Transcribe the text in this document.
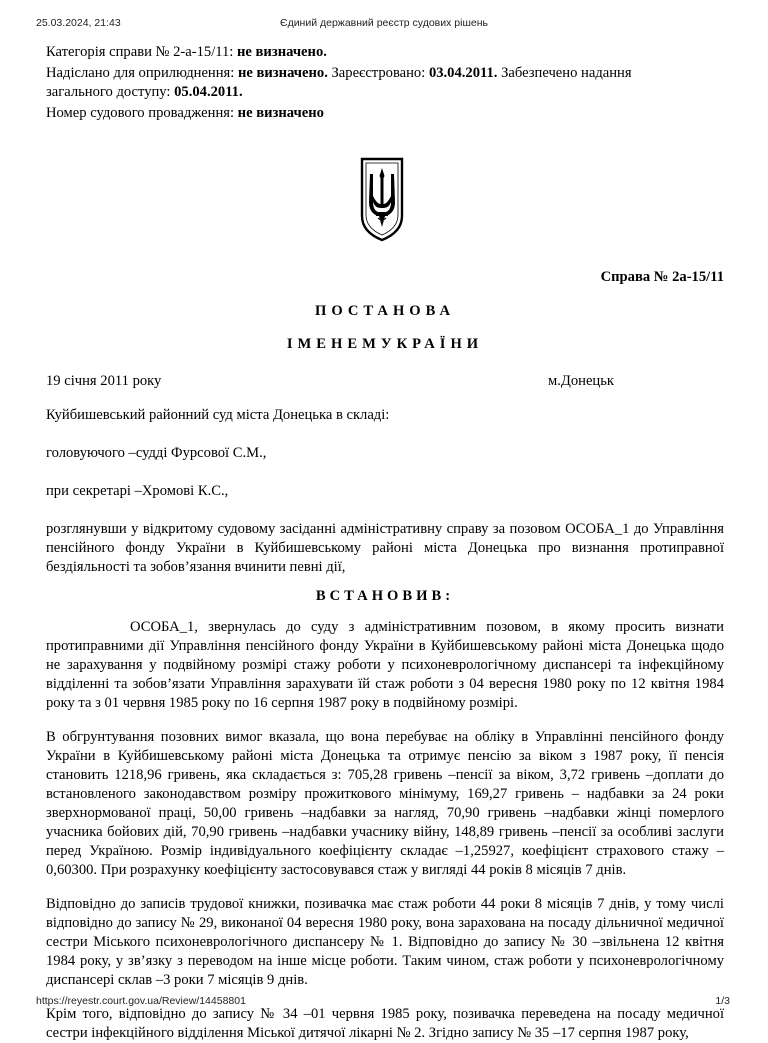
25.03.2024, 21:43	Єдиний державний реєстр судових рішень

Категорія справи № 2-а-15/11: не визначено.

Надіслано для оприлюднення: не визначено. Зареєстровано: 03.04.2011. Забезпечено надання
загального доступу: 05.04.2011.

Номер судового провадження: не визначено

Справа № 2а-15/11

ПОСТАНОВА

ІМЕНЕМУКРАЇНИ

19 січня 2011 року	м.Донецьк

Куйбишевський районний суд міста Донецька в складі:

головуючого –судді Фурсової С.М.,

при секретарі –Хромові К.С.,

розглянувши у відкритому судовому засіданні адміністративну справу за позовом ОСОБА_1 до Управління пенсійного фонду України в Куйбишевському районі міста Донецька про визнання протиправної бездіяльності та зобов’язання вчинити певні дії,

ВСТАНОВИВ:

ОСОБА_1, звернулась до суду з адміністративним позовом, в якому просить визнати протиправними дії Управління пенсійного фонду України в Куйбишевському районі міста Донецька щодо не зарахування у подвійному розмірі стажу роботи у психоневрологічному диспансері та інфекційному відділенні та зобов’язати Управління зарахувати їй стаж роботи з 04 вересня 1980 року по 12 квітня 1984 року та з 01 червня 1985 року по 16 серпня 1987 року в подвійному розмірі.

В обгрунтування позовних вимог вказала, що вона перебуває на обліку в Управлінні пенсійного фонду України в Куйбишевському районі міста Донецька та отримує пенсію за віком з 1987 року, її пенсія становить 1218,96 гривень, яка складається з: 705,28 гривень –пенсії за віком, 3,72 гривень –доплати до встановленого законодавством розміру прожиткового мінімуму, 169,27 гривень – надбавки за 24 роки зверхнормованої праці, 50,00 гривень –надбавки за нагляд, 70,90 гривень –надбавки жінці померлого учасника бойових дій, 70,90 гривень –надбавки учаснику війну, 148,89 гривень –пенсії за особливі заслуги перед Україною. Розмір індивідуального коефіцієнту складає –1,25927, коефіцієнт страхового стажу –0,60300. При розрахунку коефіцієнту застосовувався стаж у вигляді 44 років 8 місяців 7 днів.

Відповідно до записів трудової книжки, позивачка має стаж роботи 44 роки 8 місяців 7 днів, у тому числі відповідно до запису № 29, виконаної 04 вересня 1980 року, вона зарахована на посаду дільничної медичної сестри Міського психоневрологічного диспансеру № 1. Відповідно до запису № 30 –звільнена 12 квітня 1984 року, у зв’язку з переводом на інше місце роботи. Таким чином, стаж роботи у психоневрологічному диспансері склав –3 роки 7 місяців 9 днів.

Крім того, відповідно до запису № 34 –01 червня 1985 року, позивачка переведена на посаду медичної сестри інфекційного відділення Міської дитячої лікарні № 2. Згідно запису № 35 –17 серпня 1987 року,

https://reyestr.court.gov.ua/Review/14458801	1/3
